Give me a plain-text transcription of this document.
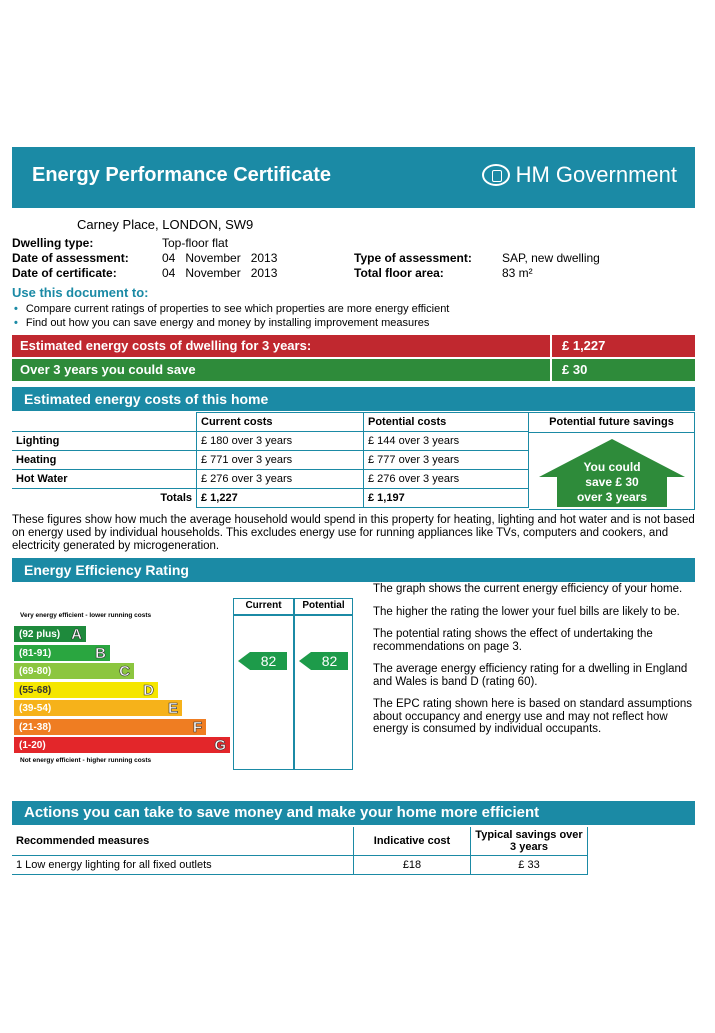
Energy Performance Certificate	HM Government
Carney Place, LONDON, SW9
Dwelling type:	Top-floor flat
Date of assessment:	04   November   2013
Date of certificate:	04   November   2013
Type of assessment:	SAP, new dwelling
Total floor area:	83 m²
Use this document to:
• Compare current ratings of properties to see which properties are more energy efficient
• Find out how you can save energy and money by installing improvement measures
Estimated energy costs of dwelling for 3 years:	£ 1,227
Over 3 years you could save	£ 30
Estimated energy costs of this home
	Current costs	Potential costs
Lighting	£ 180 over 3 years	£ 144 over 3 years
Heating	£ 771 over 3 years	£ 777 over 3 years
Hot Water	£ 276 over 3 years	£ 276 over 3 years
Totals	£ 1,227	£ 1,197
Potential future savings
You could
save £ 30
over 3 years
These figures show how much the average household would spend in this property for heating, lighting and hot water and is not based on energy used by individual households. This excludes energy use for running appliances like TVs, computers and cookers, and electricity generated by microgeneration.
Energy Efficiency Rating
Very energy efficient - lower running costs
Not energy efficient - higher running costs
(92 plus) A
(81-91)	B
(69-80)	C
(55-68)	D
(39-54)	E
(21-38)	F
(1-20)	G
Current	Potential
82	82

The graph shows the current energy efficiency of your home.

The higher the rating the lower your fuel bills are likely to be.

The potential rating shows the effect of undertaking the recommendations on page 3.

The average energy efficiency rating for a dwelling in England and Wales is band D (rating 60).

The EPC rating shown here is based on standard assumptions about occupancy and energy use and may not reflect how energy is consumed by individual occupants.

Actions you can take to save money and make your home more efficient
Recommended measures	Indicative cost	Typical savings over 3 years
1 Low energy lighting for all fixed outlets	£18	£ 33
